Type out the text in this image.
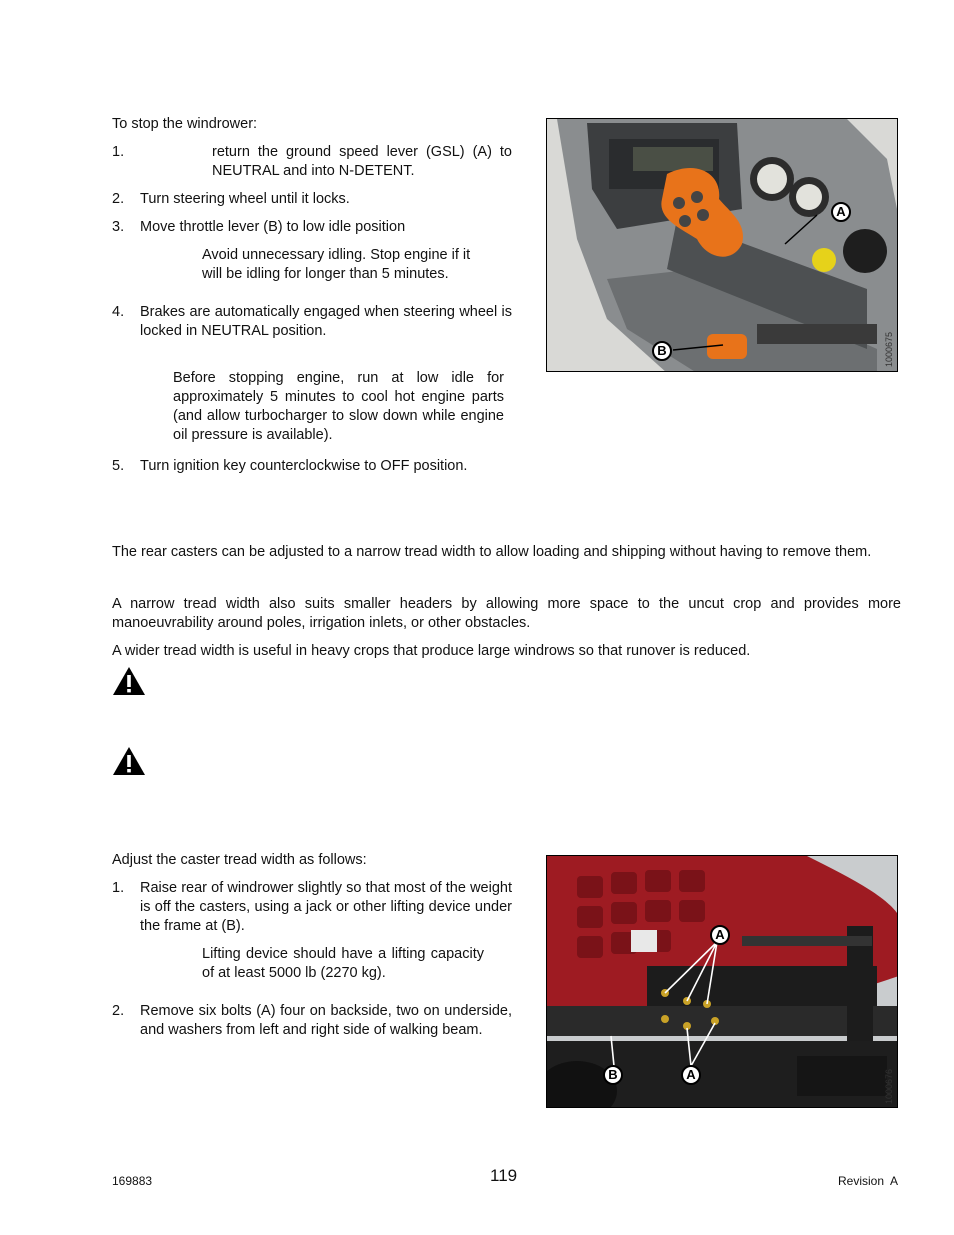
To stop the windrower:
1.	return the ground speed lever (GSL) (A) to NEUTRAL and into N-DETENT.
2.	Turn steering wheel until it locks.
3.	Move throttle lever (B) to low idle position
Avoid unnecessary idling. Stop engine if it will be idling for longer than 5 minutes.
4.	Brakes are automatically engaged when steering wheel is locked in NEUTRAL position.
Before stopping engine, run at low idle for approximately 5 minutes to cool hot engine parts (and allow turbocharger to slow down while engine oil pressure is available).
5.	Turn ignition key counterclockwise to OFF position.
A
B	1000675
The rear casters can be adjusted to a narrow tread width to allow loading and shipping without having to remove them.
A narrow tread width also suits smaller headers by allowing more space to the uncut crop and provides more manoeuvrability around poles, irrigation inlets, or other obstacles.
A wider tread width is useful in heavy crops that produce large windrows so that runover is reduced.
Adjust the caster tread width as follows:
1.	Raise rear of windrower slightly so that most of the weight is off the casters, using a jack or other lifting device under the frame at (B).
Lifting device should have a lifting capacity of at least 5000 lb (2270 kg).
2.	Remove six bolts (A) four on backside, two on underside, and washers from left and right side of walking beam.
A
B	A	1000676
169883	119	Revision  A
